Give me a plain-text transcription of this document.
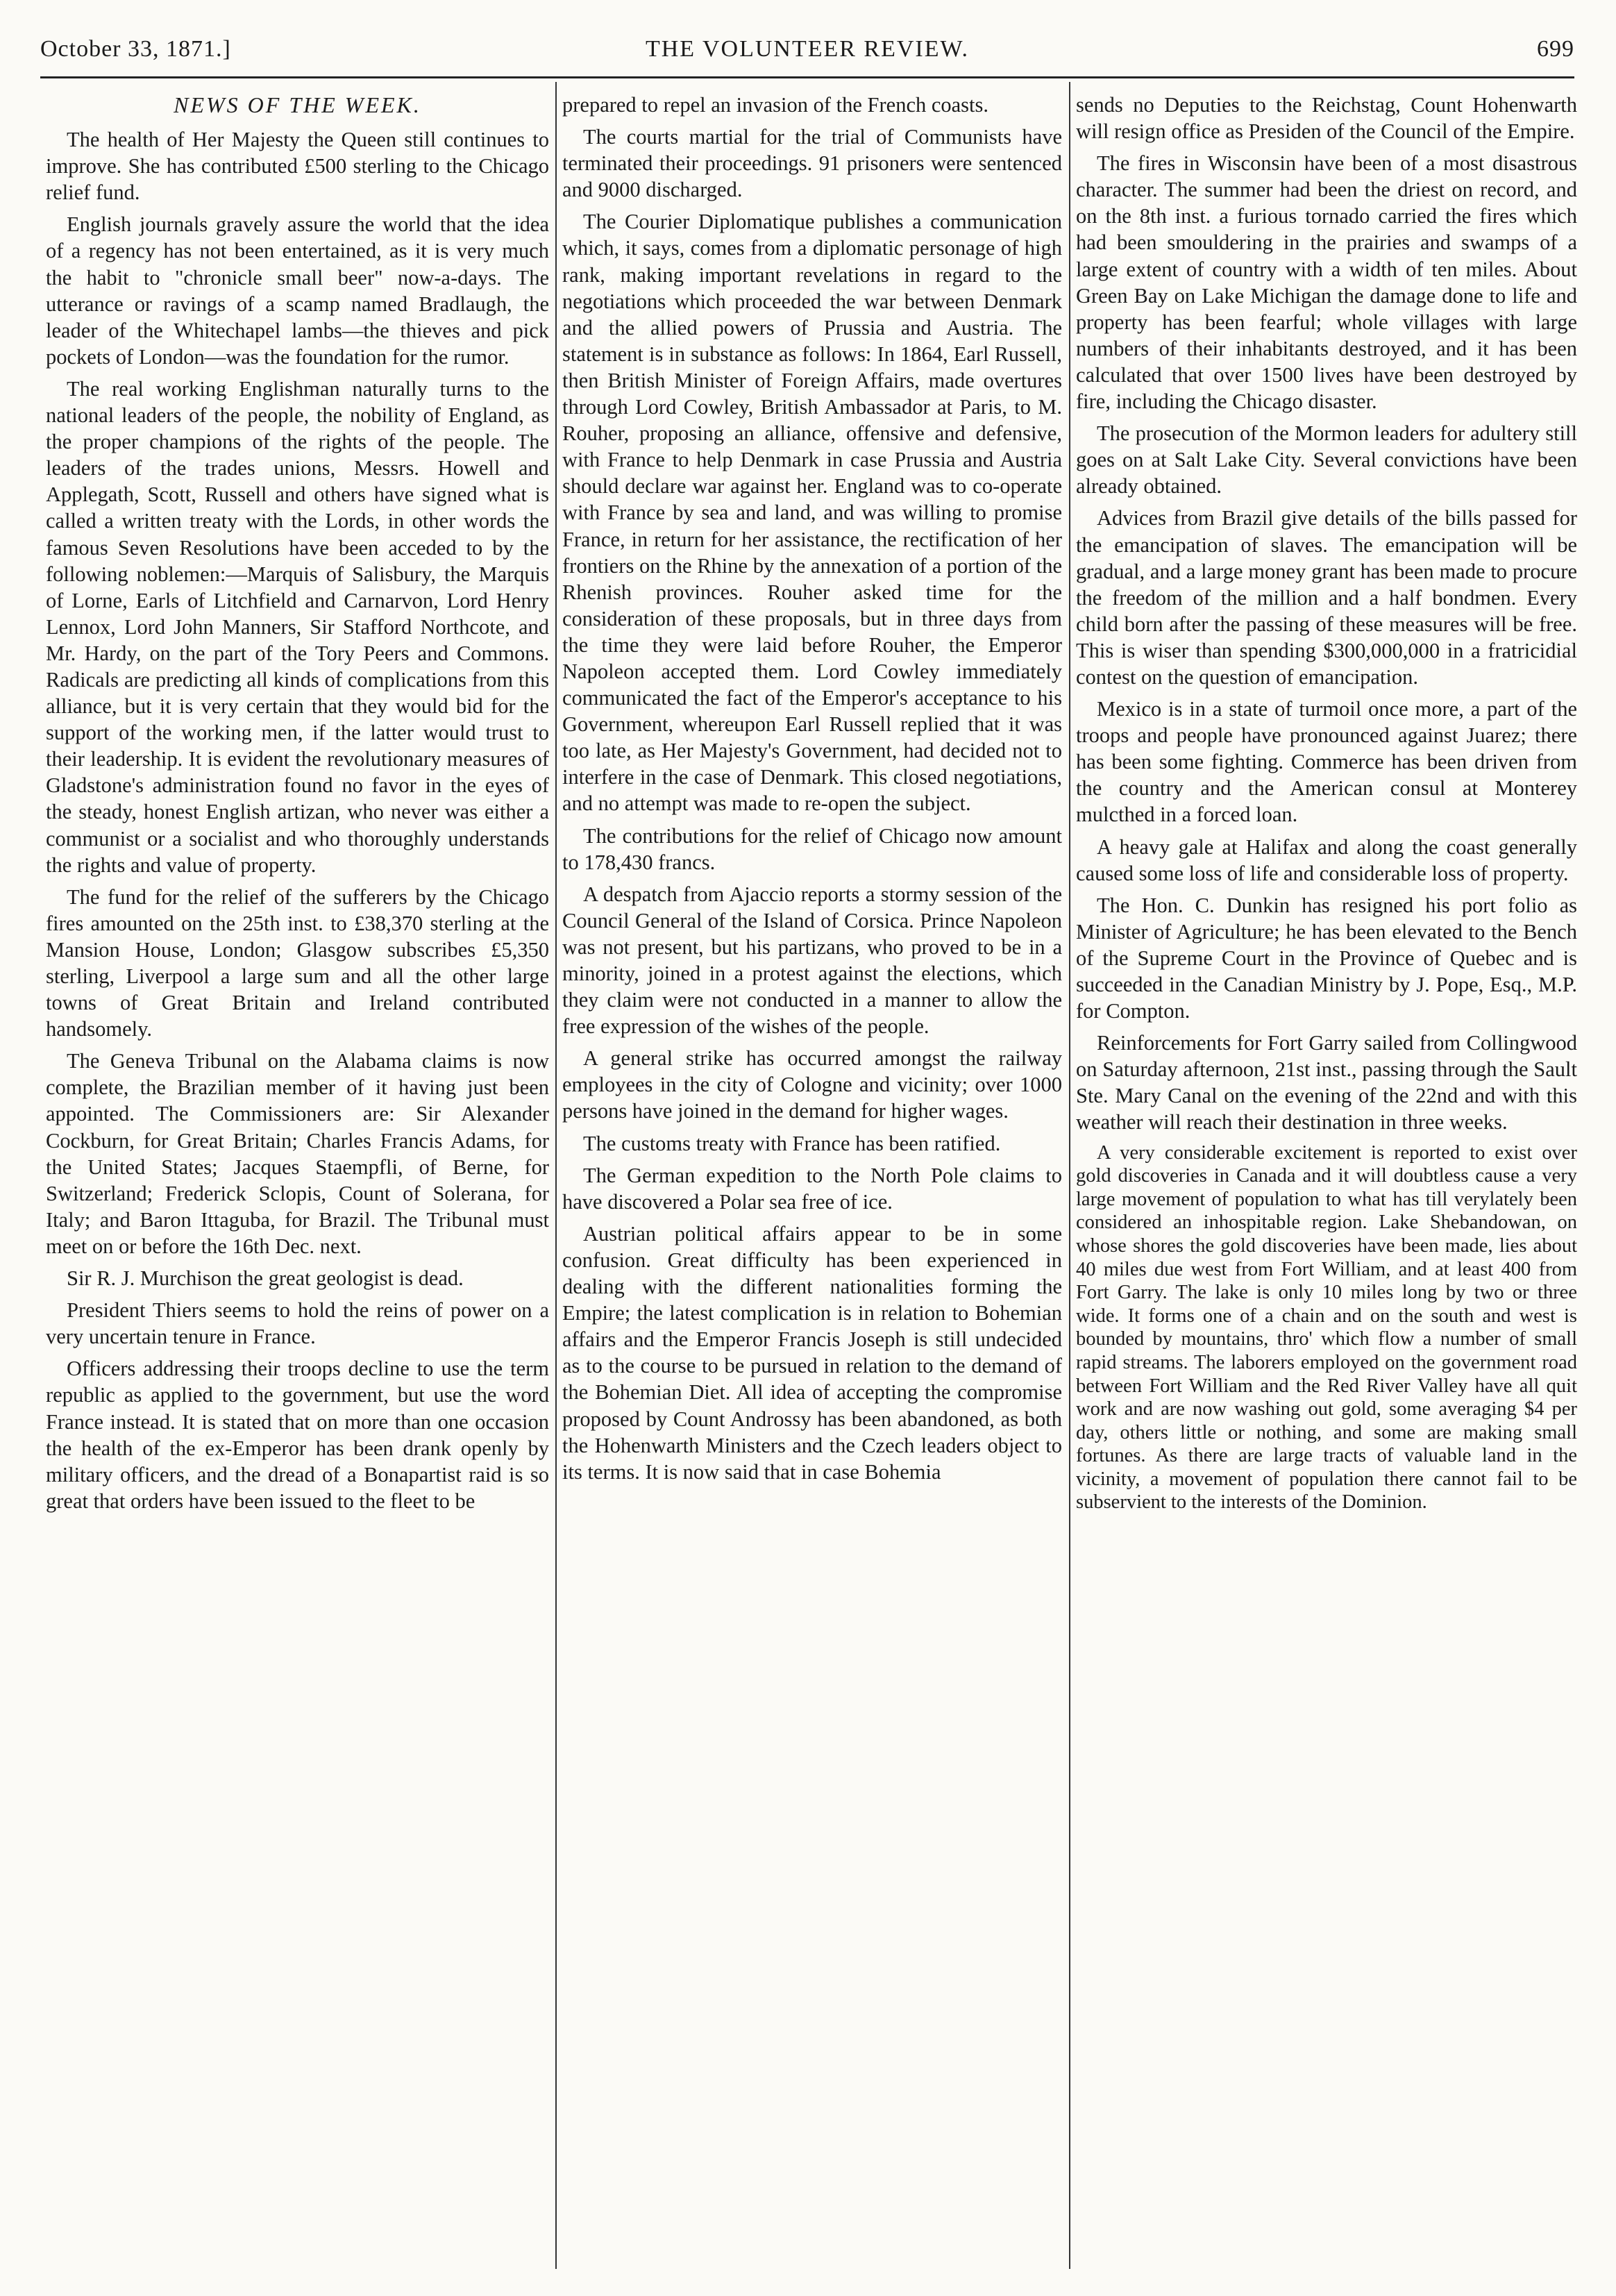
October 33, 1871.]	THE VOLUNTEER REVIEW.	699
NEWS OF THE WEEK.

The health of Her Majesty the Queen still continues to improve. She has contributed £500 sterling to the Chicago relief fund.

English journals gravely assure the world that the idea of a regency has not been entertained, as it is very much the habit to "chronicle small beer" now-a-days. The utterance or ravings of a scamp named Bradlaugh, the leader of the Whitechapel lambs—the thieves and pick pockets of London—was the foundation for the rumor.

The real working Englishman naturally turns to the national leaders of the people, the nobility of England, as the proper champions of the rights of the people. The leaders of the trades unions, Messrs. Howell and Applegath, Scott, Russell and others have signed what is called a written treaty with the Lords, in other words the famous Seven Resolutions have been acceded to by the following noblemen:—Marquis of Salisbury, the Marquis of Lorne, Earls of Litchfield and Carnarvon, Lord Henry Lennox, Lord John Manners, Sir Stafford Northcote, and Mr. Hardy, on the part of the Tory Peers and Commons. Radicals are predicting all kinds of complications from this alliance, but it is very certain that they would bid for the support of the working men, if the latter would trust to their leadership. It is evident the revolutionary measures of Gladstone's administration found no favor in the eyes of the steady, honest English artizan, who never was either a communist or a socialist and who thoroughly understands the rights and value of property.

The fund for the relief of the sufferers by the Chicago fires amounted on the 25th inst. to £38,370 sterling at the Mansion House, London; Glasgow subscribes £5,350 sterling, Liverpool a large sum and all the other large towns of Great Britain and Ireland contributed handsomely.

The Geneva Tribunal on the Alabama claims is now complete, the Brazilian member of it having just been appointed. The Commissioners are: Sir Alexander Cockburn, for Great Britain; Charles Francis Adams, for the United States; Jacques Staempfli, of Berne, for Switzerland; Frederick Sclopis, Count of Solerana, for Italy; and Baron Ittaguba, for Brazil. The Tribunal must meet on or before the 16th Dec. next.

Sir R. J. Murchison the great geologist is dead.

President Thiers seems to hold the reins of power on a very uncertain tenure in France.

Officers addressing their troops decline to use the term republic as applied to the government, but use the word France instead. It is stated that on more than one occasion the health of the ex-Emperor has been drank openly by military officers, and the dread of a Bonapartist raid is so great that orders have been issued to the fleet to be

prepared to repel an invasion of the French coasts.

The courts martial for the trial of Communists have terminated their proceedings. 91 prisoners were sentenced and 9000 discharged.

The Courier Diplomatique publishes a communication which, it says, comes from a diplomatic personage of high rank, making important revelations in regard to the negotiations which proceeded the war between Denmark and the allied powers of Prussia and Austria. The statement is in substance as follows: In 1864, Earl Russell, then British Minister of Foreign Affairs, made overtures through Lord Cowley, British Ambassador at Paris, to M. Rouher, proposing an alliance, offensive and defensive, with France to help Denmark in case Prussia and Austria should declare war against her. England was to co-operate with France by sea and land, and was willing to promise France, in return for her assistance, the rectification of her frontiers on the Rhine by the annexation of a portion of the Rhenish provinces. Rouher asked time for the consideration of these proposals, but in three days from the time they were laid before Rouher, the Emperor Napoleon accepted them. Lord Cowley immediately communicated the fact of the Emperor's acceptance to his Government, whereupon Earl Russell replied that it was too late, as Her Majesty's Government, had decided not to interfere in the case of Denmark. This closed negotiations, and no attempt was made to re-open the subject.

The contributions for the relief of Chicago now amount to 178,430 francs.

A despatch from Ajaccio reports a stormy session of the Council General of the Island of Corsica. Prince Napoleon was not present, but his partizans, who proved to be in a minority, joined in a protest against the elections, which they claim were not conducted in a manner to allow the free expression of the wishes of the people.

A general strike has occurred amongst the railway employees in the city of Cologne and vicinity; over 1000 persons have joined in the demand for higher wages.

The customs treaty with France has been ratified.

The German expedition to the North Pole claims to have discovered a Polar sea free of ice.

Austrian political affairs appear to be in some confusion. Great difficulty has been experienced in dealing with the different nationalities forming the Empire; the latest complication is in relation to Bohemian affairs and the Emperor Francis Joseph is still undecided as to the course to be pursued in relation to the demand of the Bohemian Diet. All idea of accepting the compromise proposed by Count Androssy has been abandoned, as both the Hohenwarth Ministers and the Czech leaders object to its terms. It is now said that in case Bohemia

sends no Deputies to the Reichstag, Count Hohenwarth will resign office as Presiden of the Council of the Empire.

The fires in Wisconsin have been of a most disastrous character. The summer had been the driest on record, and on the 8th inst. a furious tornado carried the fires which had been smouldering in the prairies and swamps of a large extent of country with a width of ten miles. About Green Bay on Lake Michigan the damage done to life and property has been fearful; whole villages with large numbers of their inhabitants destroyed, and it has been calculated that over 1500 lives have been destroyed by fire, including the Chicago disaster.

The prosecution of the Mormon leaders for adultery still goes on at Salt Lake City. Several convictions have been already obtained.

Advices from Brazil give details of the bills passed for the emancipation of slaves. The emancipation will be gradual, and a large money grant has been made to procure the freedom of the million and a half bondmen. Every child born after the passing of these measures will be free. This is wiser than spending $300,000,000 in a fratricidial contest on the question of emancipation.

Mexico is in a state of turmoil once more, a part of the troops and people have pronounced against Juarez; there has been some fighting. Commerce has been driven from the country and the American consul at Monterey mulcthed in a forced loan.

A heavy gale at Halifax and along the coast generally caused some loss of life and considerable loss of property.

The Hon. C. Dunkin has resigned his port folio as Minister of Agriculture; he has been elevated to the Bench of the Supreme Court in the Province of Quebec and is succeeded in the Canadian Ministry by J. Pope, Esq., M.P. for Compton.

Reinforcements for Fort Garry sailed from Collingwood on Saturday afternoon, 21st inst., passing through the Sault Ste. Mary Canal on the evening of the 22nd and with this weather will reach their destination in three weeks.

A very considerable excitement is reported to exist over gold discoveries in Canada and it will doubtless cause a very large movement of population to what has till verylately been considered an inhospitable region. Lake Shebandowan, on whose shores the gold discoveries have been made, lies about 40 miles due west from Fort William, and at least 400 from Fort Garry. The lake is only 10 miles long by two or three wide. It forms one of a chain and on the south and west is bounded by mountains, thro' which flow a number of small rapid streams. The laborers employed on the government road between Fort William and the Red River Valley have all quit work and are now washing out gold, some averaging $4 per day, others little or nothing, and some are making small fortunes. As there are large tracts of valuable land in the vicinity, a movement of population there cannot fail to be subservient to the interests of the Dominion.
